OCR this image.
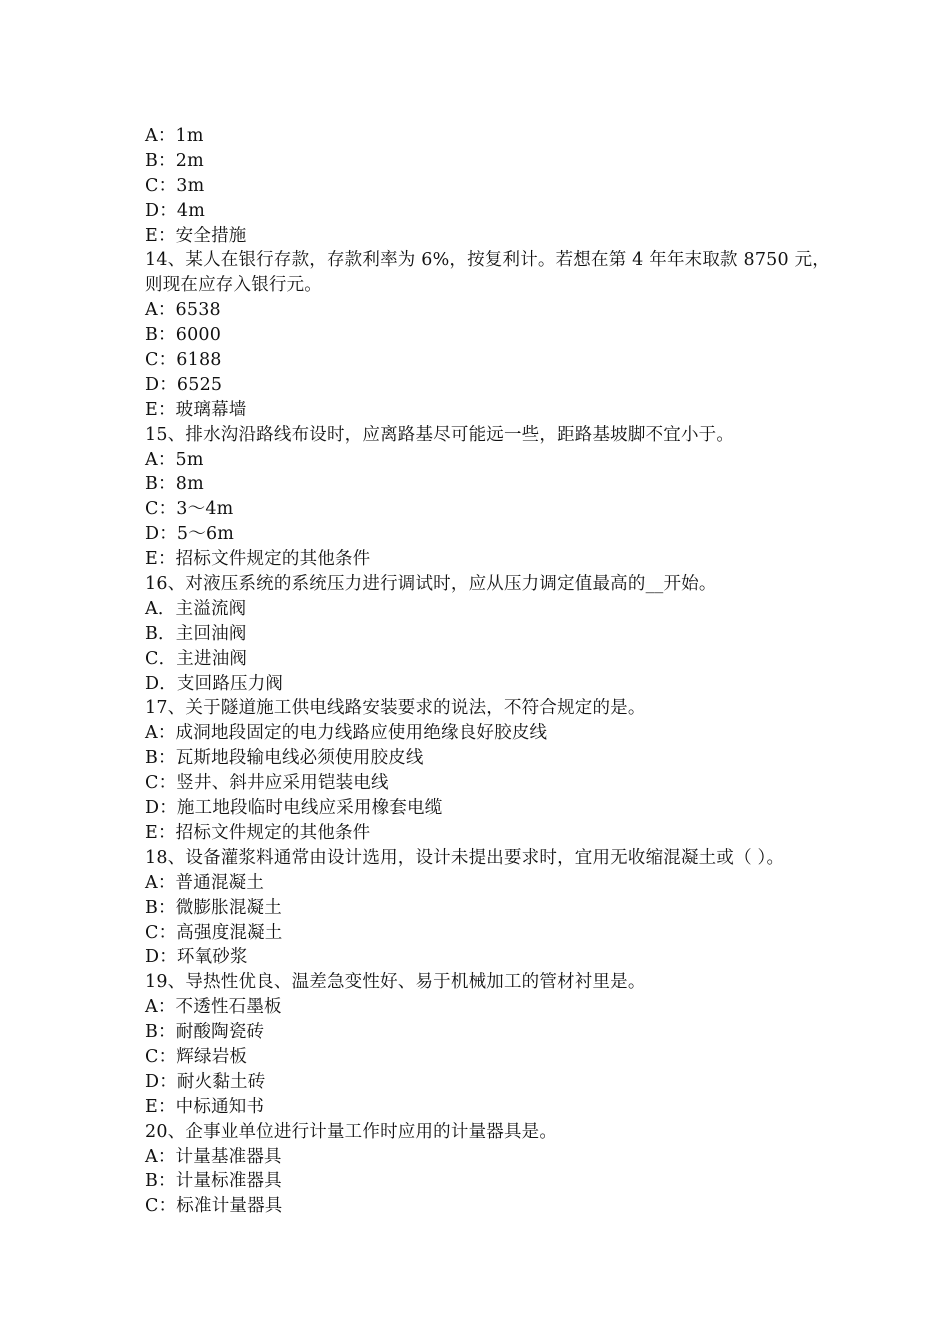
A：1m
B：2m
C：3m
D：4m
E：安全措施
14、某人在银行存款，存款利率为 6%，按复利计。若想在第 4 年年末取款 8750 元，
则现在应存入银行元。
A：6538
B：6000
C：6188
D：6525
E：玻璃幕墙
15、排水沟沿路线布设时，应离路基尽可能远一些，距路基坡脚不宜小于。
A：5m
B：8m
C：3～4m
D：5～6m
E：招标文件规定的其他条件
16、对液压系统的系统压力进行调试时，应从压力调定值最高的__开始。
A．主溢流阀
B．主回油阀
C．主进油阀
D．支回路压力阀
17、关于隧道施工供电线路安装要求的说法，不符合规定的是。
A：成洞地段固定的电力线路应使用绝缘良好胶皮线
B：瓦斯地段输电线必须使用胶皮线
C：竖井、斜井应采用铠装电线
D：施工地段临时电线应采用橡套电缆
E：招标文件规定的其他条件
18、设备灌浆料通常由设计选用，设计未提出要求时，宜用无收缩混凝土或（ ）。
A：普通混凝土
B：微膨胀混凝土
C：高强度混凝土
D：环氧砂浆
19、导热性优良、温差急变性好、易于机械加工的管材衬里是。
A：不透性石墨板
B：耐酸陶瓷砖
C：辉绿岩板
D：耐火黏土砖
E：中标通知书
20、企事业单位进行计量工作时应用的计量器具是。
A：计量基准器具
B：计量标准器具
C：标准计量器具
